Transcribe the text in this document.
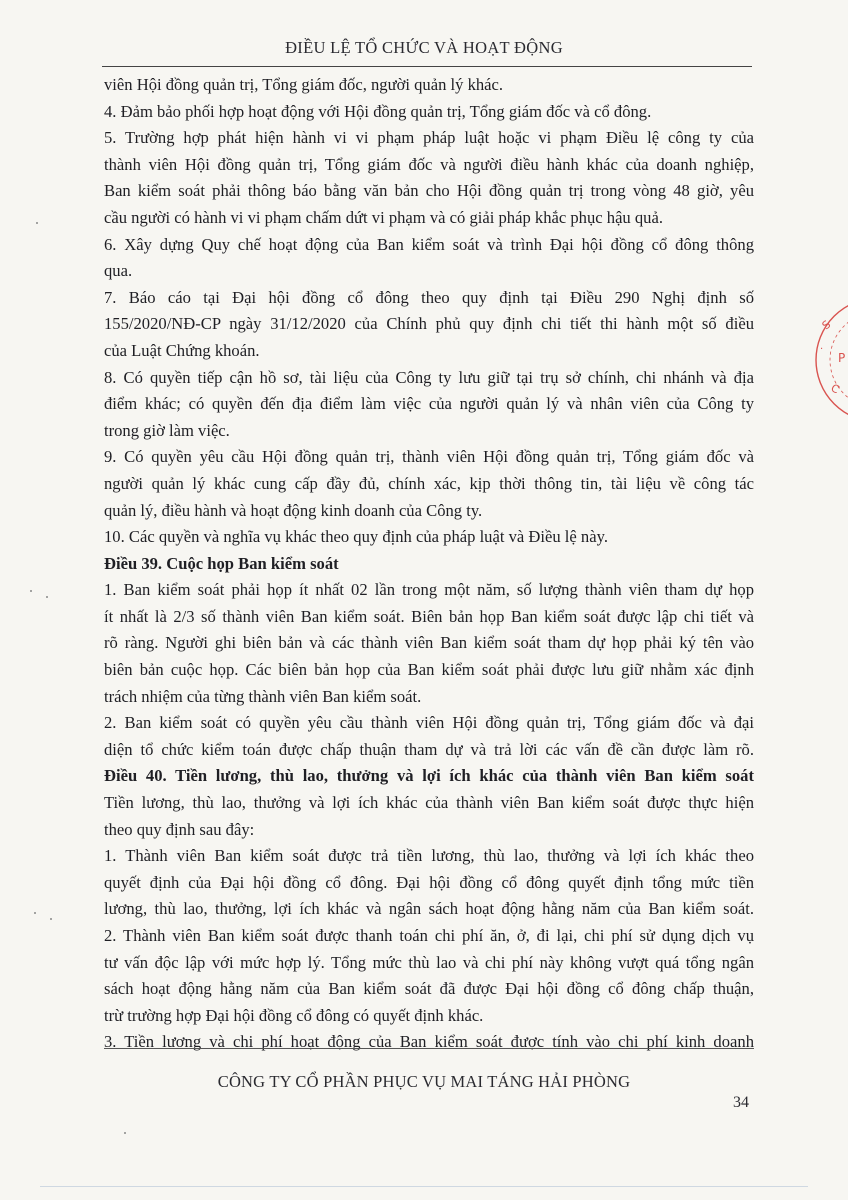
ĐIỀU LỆ TỔ CHỨC VÀ HOẠT ĐỘNG
viên Hội đồng quản trị, Tổng giám đốc, người quản lý khác.
4. Đảm bảo phối hợp hoạt động với Hội đồng quản trị, Tổng giám đốc và cổ đông.
5. Trường hợp phát hiện hành vi vi phạm pháp luật hoặc vi phạm Điều lệ công ty của
thành viên Hội đồng quản trị, Tổng giám đốc và người điều hành khác của doanh nghiệp,
Ban kiểm soát phải thông báo bằng văn bản cho Hội đồng quản trị trong vòng 48 giờ, yêu
cầu người có hành vi vi phạm chấm dứt vi phạm và có giải pháp khắc phục hậu quả.
6. Xây dựng Quy chế hoạt động của Ban kiểm soát và trình Đại hội đồng cổ đông thông
qua.
7. Báo cáo tại Đại hội đồng cổ đông theo quy định tại Điều 290 Nghị định số
155/2020/NĐ-CP ngày 31/12/2020 của Chính phủ quy định chi tiết thi hành một số điều
của Luật Chứng khoán.
8. Có quyền tiếp cận hồ sơ, tài liệu của Công ty lưu giữ tại trụ sở chính, chi nhánh và địa
điểm khác; có quyền đến địa điểm làm việc của người quản lý và nhân viên của Công ty
trong giờ làm việc.
9. Có quyền yêu cầu Hội đồng quản trị, thành viên Hội đồng quản trị, Tổng giám đốc và
người quản lý khác cung cấp đầy đủ, chính xác, kịp thời thông tin, tài liệu về công tác
quản lý, điều hành và hoạt động kinh doanh của Công ty.
10. Các quyền và nghĩa vụ khác theo quy định của pháp luật và Điều lệ này.
Điều 39. Cuộc họp Ban kiểm soát
1. Ban kiểm soát phải họp ít nhất 02 lần trong một năm, số lượng thành viên tham dự họp
ít nhất là 2/3 số thành viên Ban kiểm soát. Biên bản họp Ban kiểm soát được lập chi tiết và
rõ ràng. Người ghi biên bản và các thành viên Ban kiểm soát tham dự họp phải ký tên vào
biên bản cuộc họp. Các biên bản họp của Ban kiểm soát phải được lưu giữ nhằm xác định
trách nhiệm của từng thành viên Ban kiểm soát.
2. Ban kiểm soát có quyền yêu cầu thành viên Hội đồng quản trị, Tổng giám đốc và đại
diện tổ chức kiểm toán được chấp thuận tham dự và trả lời các vấn đề cần được làm rõ.
Điều 40. Tiền lương, thù lao, thưởng và lợi ích khác của thành viên Ban kiểm soát
Tiền lương, thù lao, thưởng và lợi ích khác của thành viên Ban kiểm soát được thực hiện
theo quy định sau đây:
1. Thành viên Ban kiểm soát được trả tiền lương, thù lao, thưởng và lợi ích khác theo
quyết định của Đại hội đồng cổ đông. Đại hội đồng cổ đông quyết định tổng mức tiền
lương, thù lao, thưởng, lợi ích khác và ngân sách hoạt động hằng năm của Ban kiểm soát.
2. Thành viên Ban kiểm soát được thanh toán chi phí ăn, ở, đi lại, chi phí sử dụng dịch vụ
tư vấn độc lập với mức hợp lý. Tổng mức thù lao và chi phí này không vượt quá tổng ngân
sách hoạt động hằng năm của Ban kiểm soát đã được Đại hội đồng cổ đông chấp thuận,
trừ trường hợp Đại hội đồng cổ đông có quyết định khác.
3. Tiền lương và chi phí hoạt động của Ban kiểm soát được tính vào chi phí kinh doanh
CÔNG TY CỔ PHẦN PHỤC VỤ MAI TÁNG HẢI PHÒNG
34
S
·
P
C
